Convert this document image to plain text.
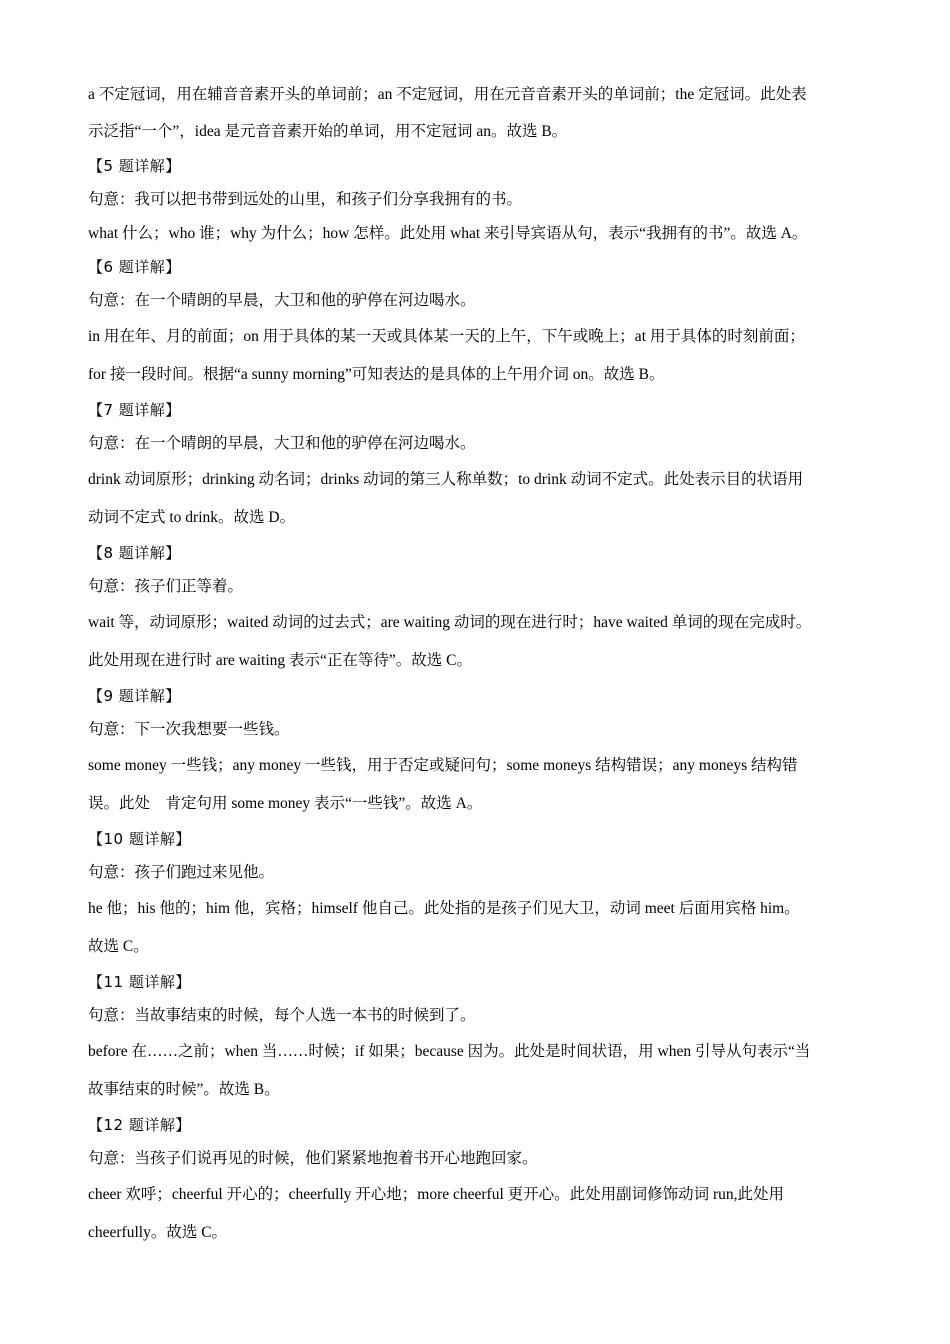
a 不定冠词，用在辅音音素开头的单词前；an 不定冠词，用在元音音素开头的单词前；the 定冠词。此处表

示泛指“一个”，idea 是元音音素开始的单词，用不定冠词 an。故选 B。

【5 题详解】

句意：我可以把书带到远处的山里，和孩子们分享我拥有的书。

what 什么；who 谁；why 为什么；how 怎样。此处用 what 来引导宾语从句，表示“我拥有的书”。故选 A。

【6 题详解】

句意：在一个晴朗的早晨，大卫和他的驴停在河边喝水。

in 用在年、月的前面；on 用于具体的某一天或具体某一天的上午，下午或晚上；at 用于具体的时刻前面；

for 接一段时间。根据“a sunny morning”可知表达的是具体的上午用介词 on。故选 B。

【7 题详解】

句意：在一个晴朗的早晨，大卫和他的驴停在河边喝水。

drink 动词原形；drinking 动名词；drinks 动词的第三人称单数；to drink 动词不定式。此处表示目的状语用

动词不定式 to drink。故选 D。

【8 题详解】

句意：孩子们正等着。

wait 等，动词原形；waited 动词的过去式；are waiting 动词的现在进行时；have waited 单词的现在完成时。

此处用现在进行时 are waiting 表示“正在等待”。故选 C。

【9 题详解】

句意：下一次我想要一些钱。

some money 一些钱；any money 一些钱，用于否定或疑问句；some moneys 结构错误；any moneys 结构错

误。此处　肯定句用 some money 表示“一些钱”。故选 A。

【10 题详解】

句意：孩子们跑过来见他。

he 他；his 他的；him 他，宾格；himself 他自己。此处指的是孩子们见大卫，动词 meet 后面用宾格 him。

故选 C。

【11 题详解】

句意：当故事结束的时候，每个人选一本书的时候到了。

before 在……之前；when 当……时候；if 如果；because 因为。此处是时间状语，用 when 引导从句表示“当

故事结束的时候”。故选 B。

【12 题详解】

句意：当孩子们说再见的时候，他们紧紧地抱着书开心地跑回家。

cheer 欢呼；cheerful 开心的；cheerfully 开心地；more cheerful 更开心。此处用副词修饰动词 run,此处用

cheerfully。故选 C。
